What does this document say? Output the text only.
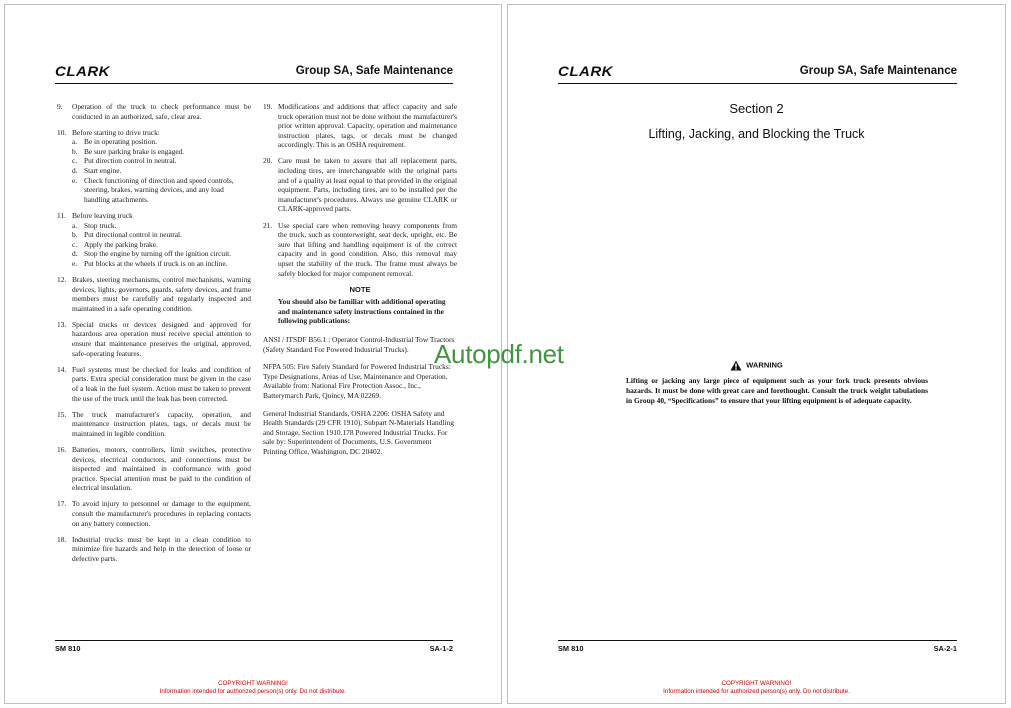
CLARK	Group SA, Safe Maintenance
9. Operation of the truck to check performance must be conducted in an authorized, safe, clear area.
10. Before starting to drive truck:
a. Be in operating position.
b. Be sure parking brake is engaged.
c. Put direction control in neutral.
d. Start engine.
e. Check functioning of direction and speed controls, steering, brakes, warning devices, and any load handling attachments.
11. Before leaving truck
a. Stop truck.
b. Put directional control in neutral.
c. Apply the parking brake.
d. Stop the engine by turning off the ignition circuit.
e. Put blocks at the wheels if truck is on an incline.
12. Brakes, steering mechanisms, control mechanisms, warning devices, lights, governors, guards, safety devices, and frame members must be carefully and regularly inspected and maintained in a safe operating condition.
13. Special trucks or devices designed and approved for hazardous area operation must receive special attention to ensure that maintenance preserves the original, approved, safe-operating features.
14. Fuel systems must be checked for leaks and condition of parts. Extra special consideration must be given in the case of a leak in the fuel system. Action must be taken to prevent the use of the truck until the leak has been corrected.
15. The truck manufacturer's capacity, operation, and maintenance instruction plates, tags, or decals must be maintained in legible condition.
16. Batteries, motors, controllers, limit switches, protective devices, electrical conductors, and connections must be inspected and maintained in conformance with good practice. Special attention must be paid to the condition of electrical insulation.
17. To avoid injury to personnel or damage to the equipment, consult the manufacturer's procedures in replacing contacts on any battery connection.
18. Industrial trucks must be kept in a clean condition to minimize fire hazards and help in the detection of loose or defective parts.
19. Modifications and additions that affect capacity and safe truck operation must not be done without the manufacturer's prior written approval. Capacity, operation and maintenance instruction plates, tags, or decals must be changed accordingly. This is an OSHA requirement.
20. Care must be taken to assure that all replacement parts, including tires, are interchangeable with the original parts and of a quality at least equal to that provided in the original equipment. Parts, including tires, are to be installed per the manufacturer's procedures. Always use genuine CLARK or CLARK-approved parts.
21. Use special care when removing heavy components from the truck, such as counterweight, seat deck, upright, etc. Be sure that lifting and handling equipment is of the correct capacity and in good condition. Also, this removal may upset the stability of the truck. The frame must always be safely blocked for major component removal.
NOTE
You should also be familiar with additional operating and maintenance safety instructions contained in the following publications:
ANSI / ITSDF B56.1 : Operator Control-Industrial Tow Tractors (Safety Standard For Powered Industrial Trucks).
NFPA 505: Fire Safety Standard for Powered Industrial Trucks: Type Designations, Areas of Use, Maintenance and Operation. Available from: National Fire Protection Assoc., Inc., Batterymarch Park, Quincy, MA 02269.
General Industrial Standards, OSHA 2206: OSHA Safety and Health Standards (29 CFR 1910), Subpart N-Materials Handling and Storage, Section 1910.178 Powered Industrial Trucks. For sale by: Superintendent of Documents, U.S. Government Printing Office, Washington, DC 20402.
SM 810	SA-1-2
COPYRIGHT WARNING!
Information intended for authorized person(s) only. Do not distribute.
CLARK	Group SA, Safe Maintenance
Section 2
Lifting, Jacking, and Blocking the Truck
WARNING
Lifting or jacking any large piece of equipment such as your fork truck presents obvious hazards. It must be done with great care and forethought. Consult the truck weight tabulations in Group 40, “Specifications” to ensure that your lifting equipment is of adequate capacity.
SM 810	SA-2-1
COPYRIGHT WARNING!
Information intended for authorized person(s) only. Do not distribute.
Autopdf.net
